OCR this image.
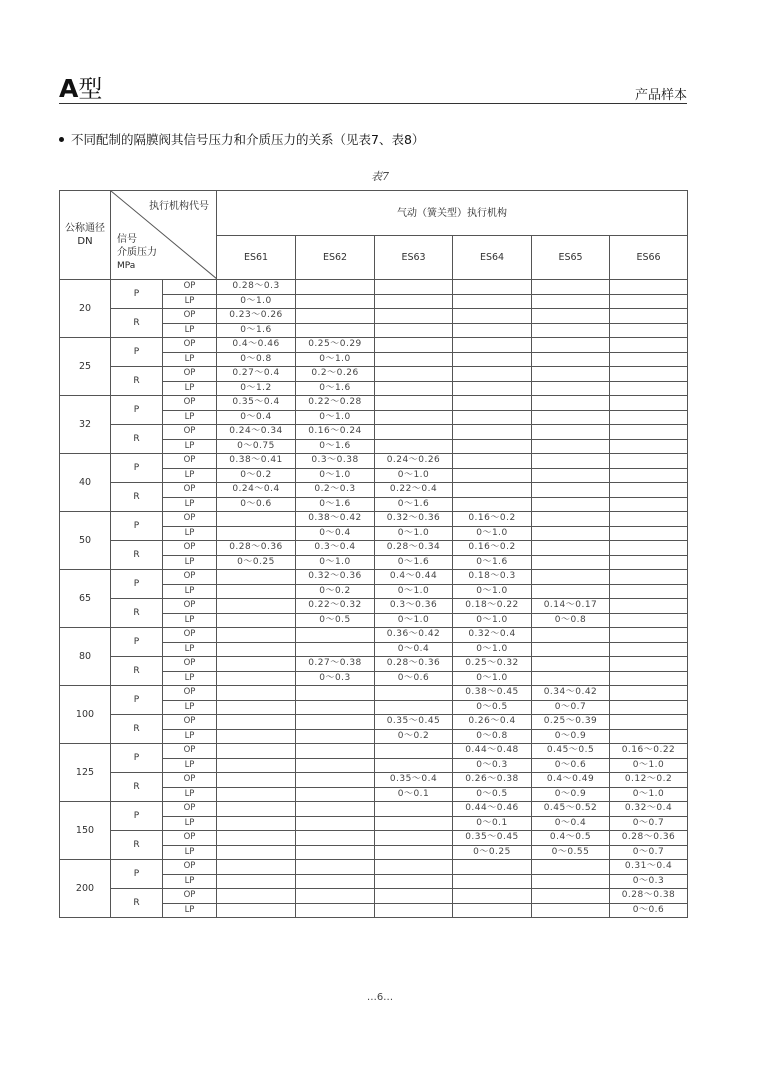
A型	产品样本
不同配制的隔膜阀其信号压力和介质压力的关系（见表7、表8）
表7
公称通径
DN	执行机构代号
信号
介质压力
MPa		气动（簧关型）执行机构					
			ES61	ES62	ES63	ES64	ES65	ES66
20	P	OP	0.28～0.3					
		LP	0～1.0					
	R	OP	0.23～0.26					
		LP	0～1.6					
25	P	OP	0.4～0.46	0.25～0.29				
		LP	0～0.8	0～1.0				
	R	OP	0.27～0.4	0.2～0.26				
		LP	0～1.2	0～1.6				
32	P	OP	0.35～0.4	0.22～0.28				
		LP	0～0.4	0～1.0				
	R	OP	0.24～0.34	0.16～0.24				
		LP	0～0.75	0～1.6				
40	P	OP	0.38～0.41	0.3～0.38	0.24～0.26			
		LP	0～0.2	0～1.0	0～1.0			
	R	OP	0.24～0.4	0.2～0.3	0.22～0.4			
		LP	0～0.6	0～1.6	0～1.6			
50	P	OP		0.38～0.42	0.32～0.36	0.16～0.2		
		LP		0～0.4	0～1.0	0～1.0		
	R	OP	0.28～0.36	0.3～0.4	0.28～0.34	0.16～0.2		
		LP	0～0.25	0～1.0	0～1.6	0～1.6		
65	P	OP		0.32～0.36	0.4～0.44	0.18～0.3		
		LP		0～0.2	0～1.0	0～1.0		
	R	OP		0.22～0.32	0.3～0.36	0.18～0.22	0.14～0.17	
		LP		0～0.5	0～1.0	0～1.0	0～0.8	
80	P	OP			0.36～0.42	0.32～0.4		
		LP			0～0.4	0～1.0		
	R	OP		0.27～0.38	0.28～0.36	0.25～0.32		
		LP		0～0.3	0～0.6	0～1.0		
100	P	OP				0.38～0.45	0.34～0.42	
		LP				0～0.5	0～0.7	
	R	OP			0.35～0.45	0.26～0.4	0.25～0.39	
		LP			0～0.2	0～0.8	0～0.9	
125	P	OP				0.44～0.48	0.45～0.5	0.16～0.22
		LP				0～0.3	0～0.6	0～1.0
	R	OP			0.35～0.4	0.26～0.38	0.4～0.49	0.12～0.2
		LP			0～0.1	0～0.5	0～0.9	0～1.0
150	P	OP				0.44～0.46	0.45～0.52	0.32～0.4
		LP				0～0.1	0～0.4	0～0.7
	R	OP				0.35～0.45	0.4～0.5	0.28～0.36
		LP				0～0.25	0～0.55	0～0.7
200	P	OP						0.31～0.4
		LP						0～0.3
	R	OP						0.28～0.38
		LP						0～0.6
…6…
